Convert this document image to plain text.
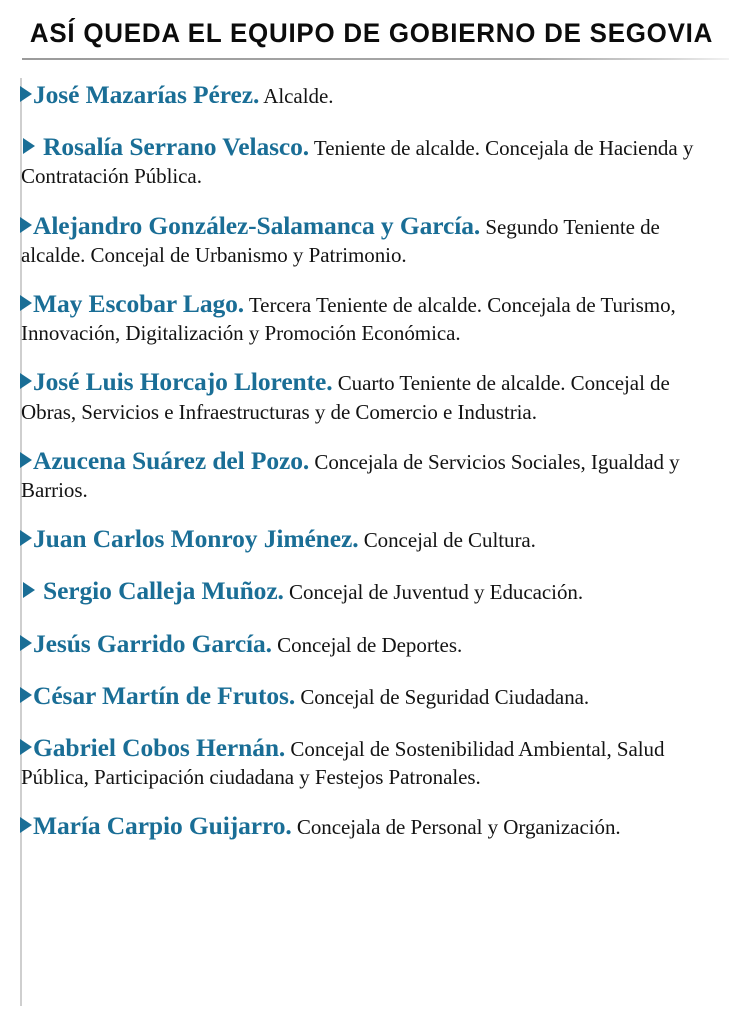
ASÍ QUEDA EL EQUIPO DE GOBIERNO DE SEGOVIA
José Mazarías Pérez. Alcalde.
Rosalía Serrano Velasco. Teniente de alcalde. Concejala de Hacienda y Contratación Pública.
Alejandro González-Salamanca y García. Segundo Teniente de alcalde. Concejal de Urbanismo y Patrimonio.
May Escobar Lago. Tercera Teniente de alcalde. Concejala de Turismo, Innovación, Digitalización y Promoción Económica.
José Luis Horcajo Llorente. Cuarto Teniente de alcalde. Concejal de Obras, Servicios e Infraestructuras y de Comercio e Industria.
Azucena Suárez del Pozo. Concejala de Servicios Sociales, Igualdad y Barrios.
Juan Carlos Monroy Jiménez. Concejal de Cultura.
Sergio Calleja Muñoz. Concejal de Juventud y Educación.
Jesús Garrido García. Concejal de Deportes.
César Martín de Frutos. Concejal de Seguridad Ciudadana.
Gabriel Cobos Hernán. Concejal de Sostenibilidad Ambiental, Salud Pública, Participación ciudadana y Festejos Patronales.
María Carpio Guijarro. Concejala de Personal y Organización.
